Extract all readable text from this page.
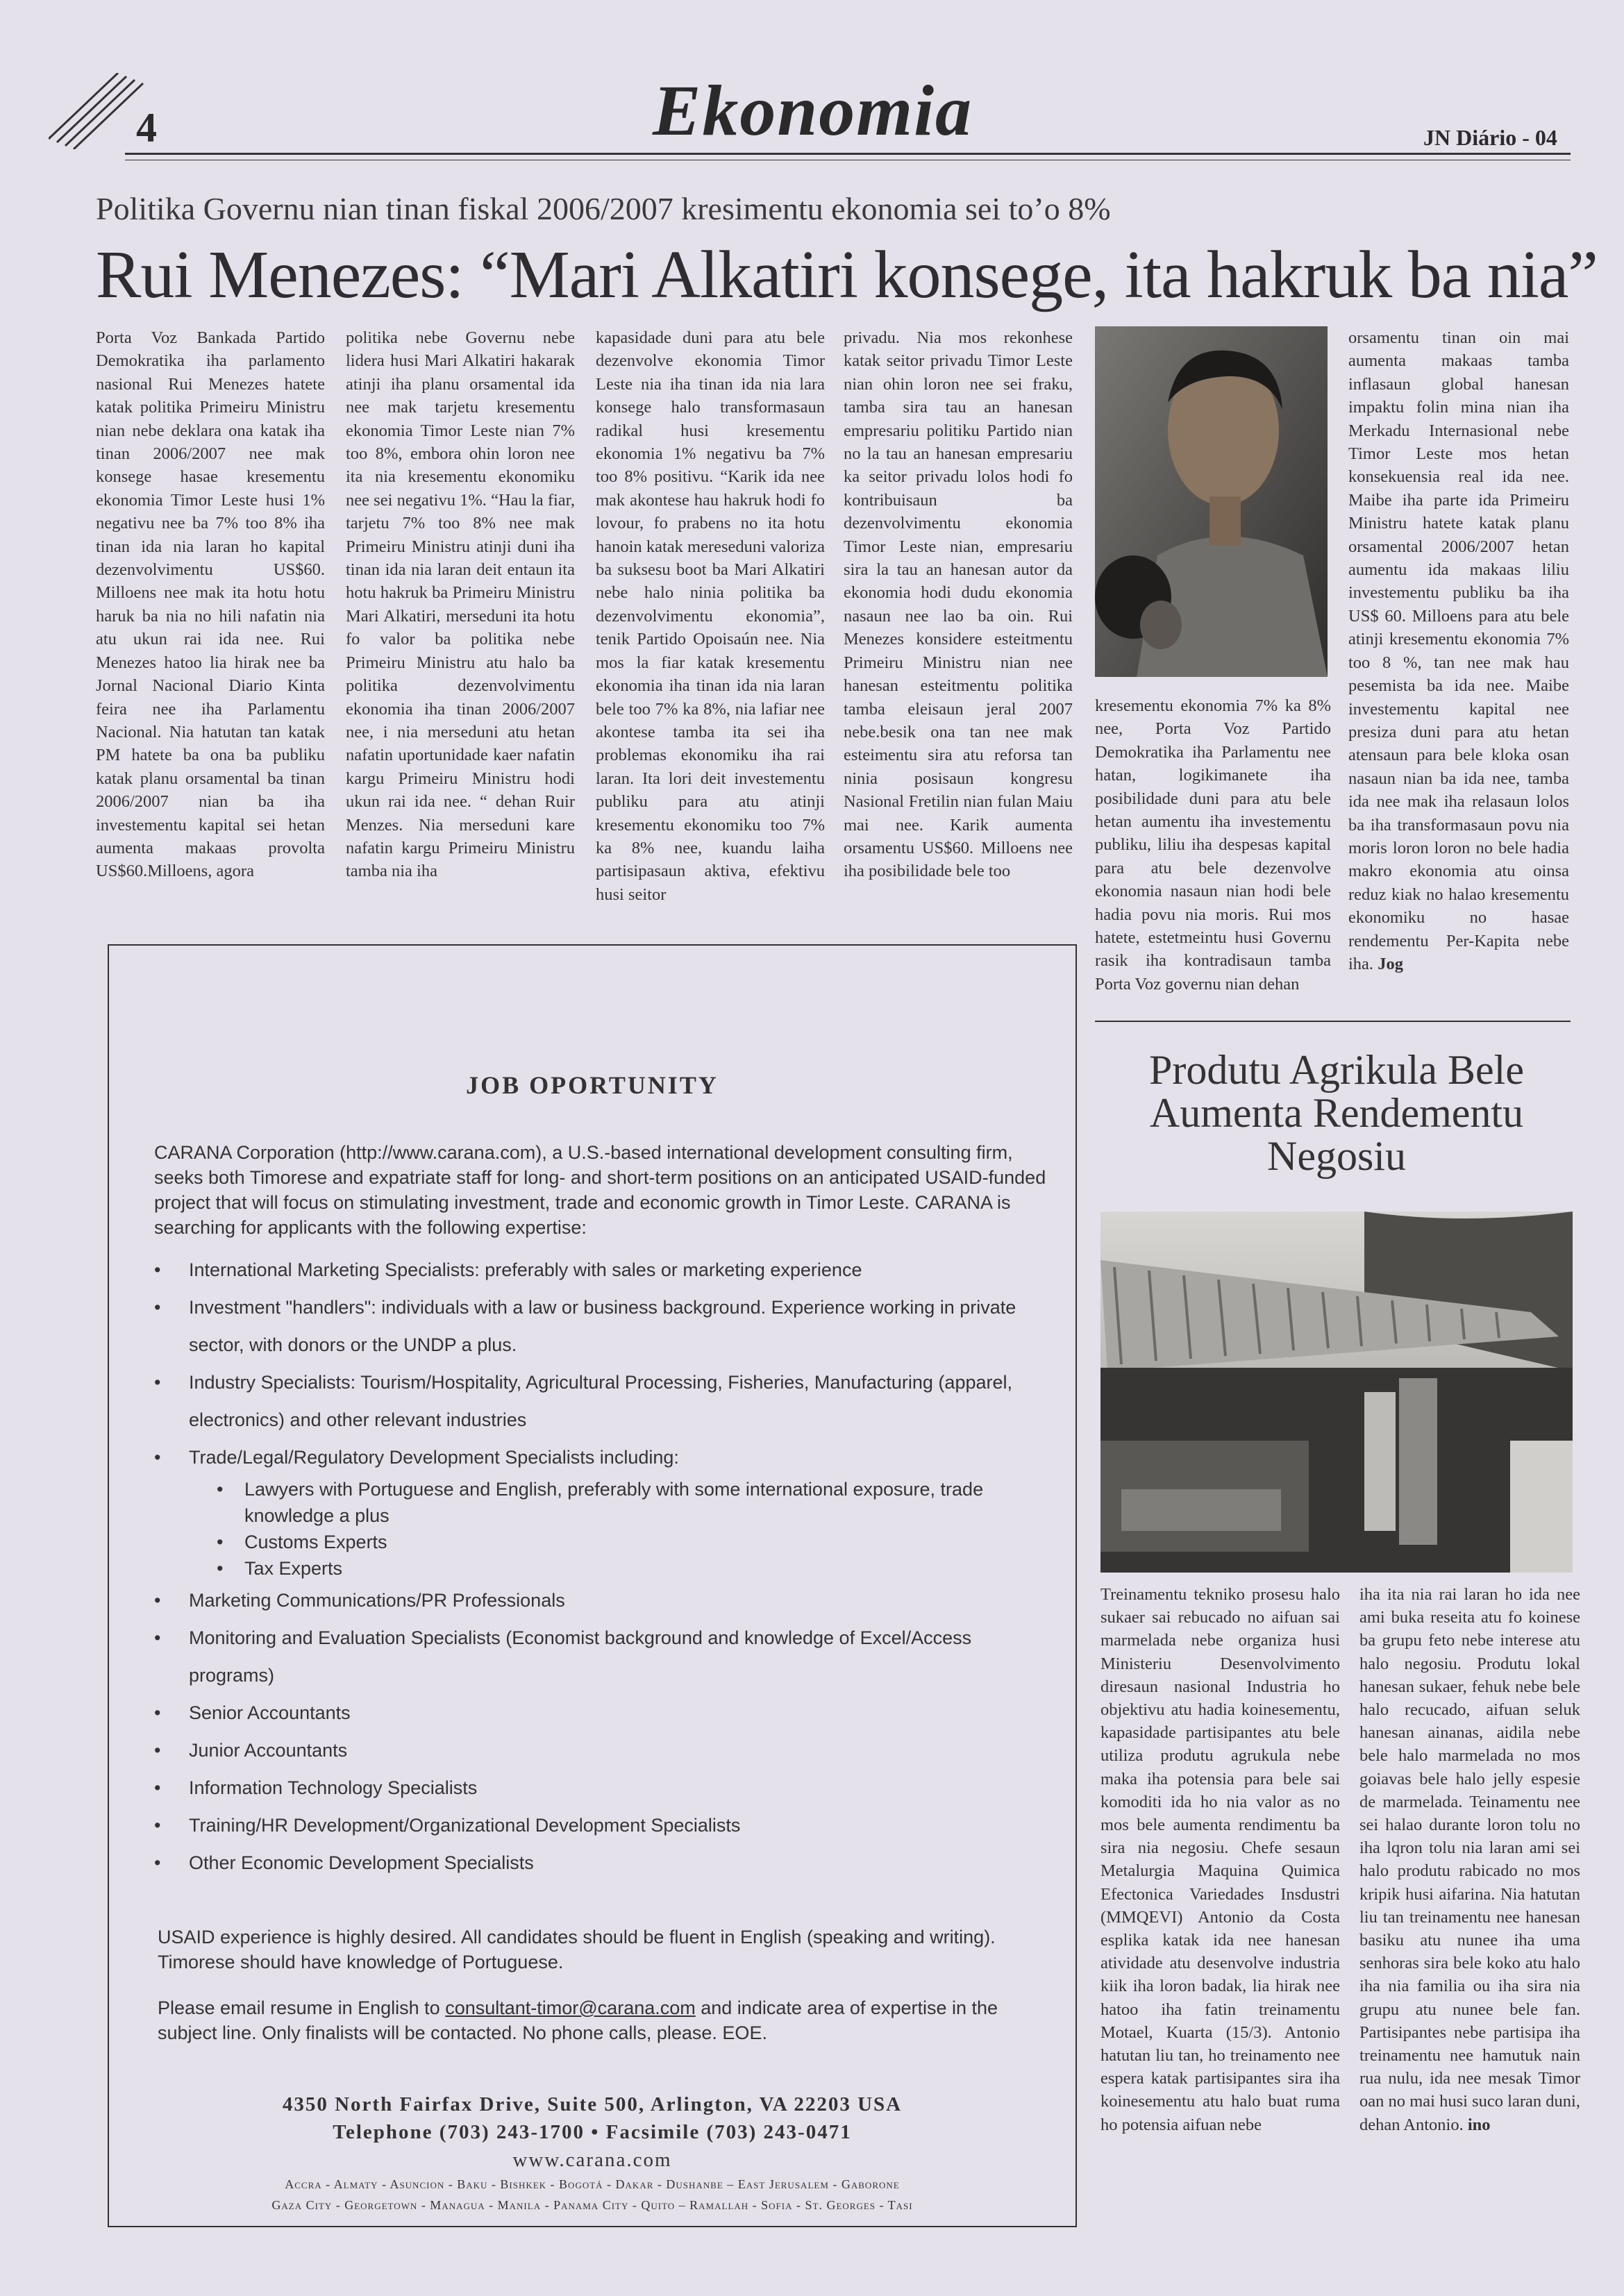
4	Ekonomia	JN Diário - 04
Politika Governu nian tinan fiskal 2006/2007 kresimentu ekonomia sei to’o 8%
Rui Menezes: “Mari Alkatiri konsege, ita hakruk ba nia”
Porta Voz Bankada Partido Demokratika iha parlamento nasional Rui Menezes hatete katak politika Primeiru Ministru nian nebe deklara ona katak iha tinan 2006/2007 nee mak konsege hasae kresementu ekonomia Timor Leste husi 1% negativu nee ba 7% too 8% iha tinan ida nia laran ho kapital dezenvolvimentu US$60. Milloens nee mak ita hotu hotu haruk ba nia no hili nafatin nia atu ukun rai ida nee. Rui Menezes hatoo lia hirak nee ba Jornal Nacional Diario Kinta feira nee iha Parlamentu Nacional. Nia hatutan tan katak PM hatete ba ona ba publiku katak planu orsamental ba tinan 2006/2007 nian ba iha investementu kapital sei hetan aumenta makaas provolta US$60.Milloens, agora
politika nebe Governu nebe lidera husi Mari Alkatiri hakarak atinji iha planu orsamental ida nee mak tarjetu kresementu ekonomia Timor Leste nian 7% too 8%, embora ohin loron nee ita nia kresementu ekonomiku nee sei negativu 1%. “Hau la fiar, tarjetu 7% too 8% nee mak Primeiru Ministru atinji duni iha tinan ida nia laran deit entaun ita hotu hakruk ba Primeiru Ministru Mari Alkatiri, merseduni ita hotu fo valor ba politika nebe Primeiru Ministru atu halo ba politika dezenvolvimentu ekonomia iha tinan 2006/2007 nee, i nia merseduni atu hetan nafatin uportunidade kaer nafatin kargu Primeiru Ministru hodi ukun rai ida nee. “ dehan Ruir Menzes. Nia merseduni kare nafatin kargu Primeiru Ministru tamba nia iha
kapasidade duni para atu bele dezenvolve ekonomia Timor Leste nia iha tinan ida nia lara konsege halo transformasaun radikal husi kresementu ekonomia 1% negativu ba 7% too 8% positivu. “Karik ida nee mak akontese hau hakruk hodi fo lovour, fo prabens no ita hotu hanoin katak mereseduni valoriza ba suksesu boot ba Mari Alkatiri nebe halo ninia politika ba dezenvolvimentu ekonomia”, tenik Partido Opoisaún nee. Nia mos la fiar katak kresementu ekonomia iha tinan ida nia laran bele too 7% ka 8%, nia lafiar nee akontese tamba ita sei iha problemas ekonomiku iha rai laran. Ita lori deit investementu publiku para atu atinji kresementu ekonomiku too 7% ka 8% nee, kuandu laiha partisipasaun aktiva, efektivu husi seitor
privadu. Nia mos rekonhese katak seitor privadu Timor Leste nian ohin loron nee sei fraku, tamba sira tau an hanesan empresariu politiku Partido nian no la tau an hanesan empresariu ka seitor privadu lolos hodi fo kontribuisaun ba dezenvolvimentu ekonomia Timor Leste nian, empresariu sira la tau an hanesan autor da ekonomia hodi dudu ekonomia nasaun nee lao ba oin. Rui Menezes konsidere esteitmentu Primeiru Ministru nian nee hanesan esteitmentu politika tamba eleisaun jeral 2007 nebe.besik ona tan nee mak esteimentu sira atu reforsa tan ninia posisaun kongresu Nasional Fretilin nian fulan Maiu mai nee. Karik aumenta orsamentu US$60. Milloens nee iha posibilidade bele too
kresementu ekonomia 7% ka 8% nee, Porta Voz Partido Demokratika iha Parlamentu nee hatan, logikimanete iha posibilidade duni para atu bele hetan aumentu iha investementu publiku, liliu iha despesas kapital para atu bele dezenvolve ekonomia nasaun nian hodi bele hadia povu nia moris. Rui mos hatete, estetmeintu husi Governu rasik iha kontradisaun tamba Porta Voz governu nian dehan
orsamentu tinan oin mai aumenta makaas tamba inflasaun global hanesan impaktu folin mina nian iha Merkadu Internasional nebe Timor Leste mos hetan konsekuensia real ida nee. Maibe iha parte ida Primeiru Ministru hatete katak planu orsamental 2006/2007 hetan aumentu ida makaas liliu investementu publiku ba iha US$ 60. Milloens para atu bele atinji kresementu ekonomia 7% too 8 %, tan nee mak hau pesemista ba ida nee. Maibe investementu kapital nee presiza duni para atu hetan atensaun para bele kloka osan nasaun nian ba ida nee, tamba ida nee mak iha relasaun lolos ba iha transformasaun povu nia moris loron loron no bele hadia makro ekonomia atu oinsa reduz kiak no halao kresementu ekonomiku no hasae rendementu Per-Kapita nebe iha. Jog
JOB OPORTUNITY
CARANA Corporation (http://www.carana.com), a U.S.-based international development consulting firm, seeks both Timorese and expatriate staff for long- and short-term positions on an anticipated USAID-funded project that will focus on stimulating investment, trade and economic growth in Timor Leste. CARANA is searching for applicants with the following expertise:
• International Marketing Specialists: preferably with sales or marketing experience
• Investment "handlers": individuals with a law or business background. Experience working in private sector, with donors or the UNDP a plus.
• Industry Specialists: Tourism/Hospitality, Agricultural Processing, Fisheries, Manufacturing (apparel, electronics) and other relevant industries
• Trade/Legal/Regulatory Development Specialists including:
• Lawyers with Portuguese and English, preferably with some international exposure, trade knowledge a plus
• Customs Experts
• Tax Experts
• Marketing Communications/PR Professionals
• Monitoring and Evaluation Specialists (Economist background and knowledge of Excel/Access programs)
• Senior Accountants
• Junior Accountants
• Information Technology Specialists
• Training/HR Development/Organizational Development Specialists
• Other Economic Development Specialists
USAID experience is highly desired. All candidates should be fluent in English (speaking and writing). Timorese should have knowledge of Portuguese.
Please email resume in English to consultant-timor@carana.com and indicate area of expertise in the subject line. Only finalists will be contacted. No phone calls, please. EOE.
4350 North Fairfax Drive, Suite 500, Arlington, VA 22203 USA
Telephone (703) 243-1700 • Facsimile (703) 243-0471
www.carana.com
Accra - Almaty - Asuncion - Baku - Bishkek - Bogotá - Dakar - Dushanbe – East Jerusalem - Gaborone
Gaza City - Georgetown - Managua - Manila - Panama City - Quito – Ramallah - Sofia - St. Georges - Tasi
Produtu Agrikula Bele Aumenta Rendementu Negosiu
Treinamentu tekniko prosesu halo sukaer sai rebucado no aifuan sai marmelada nebe organiza husi Ministeriu Desenvolvimento diresaun nasional Industria ho objektivu atu hadia koinesementu, kapasidade partisipantes atu bele utiliza produtu agrukula nebe maka iha potensia para bele sai komoditi ida ho nia valor as no mos bele aumenta rendimentu ba sira nia negosiu. Chefe sesaun Metalurgia Maquina Quimica Efectonica Variedades Insdustri (MMQEVI) Antonio da Costa esplika katak ida nee hanesan atividade atu desenvolve industria kiik iha loron badak, lia hirak nee hatoo iha fatin treinamentu Motael, Kuarta (15/3). Antonio hatutan liu tan, ho treinamento nee espera katak partisipantes sira iha koinesementu atu halo buat ruma ho potensia aifuan nebe
iha ita nia rai laran ho ida nee ami buka reseita atu fo koinese ba grupu feto nebe interese atu halo negosiu. Produtu lokal hanesan sukaer, fehuk nebe bele halo recucado, aifuan seluk hanesan ainanas, aidila nebe bele halo marmelada no mos goiavas bele halo jelly espesie de marmelada. Teinamentu nee sei halao durante loron tolu no iha lqron tolu nia laran ami sei halo produtu rabicado no mos kripik husi aifarina. Nia hatutan liu tan treinamentu nee hanesan basiku atu nunee iha uma senhoras sira bele koko atu halo iha nia familia ou iha sira nia grupu atu nunee bele fan. Partisipantes nebe partisipa iha treinamentu nee hamutuk nain rua nulu, ida nee mesak Timor oan no mai husi suco laran duni, dehan Antonio. ino
